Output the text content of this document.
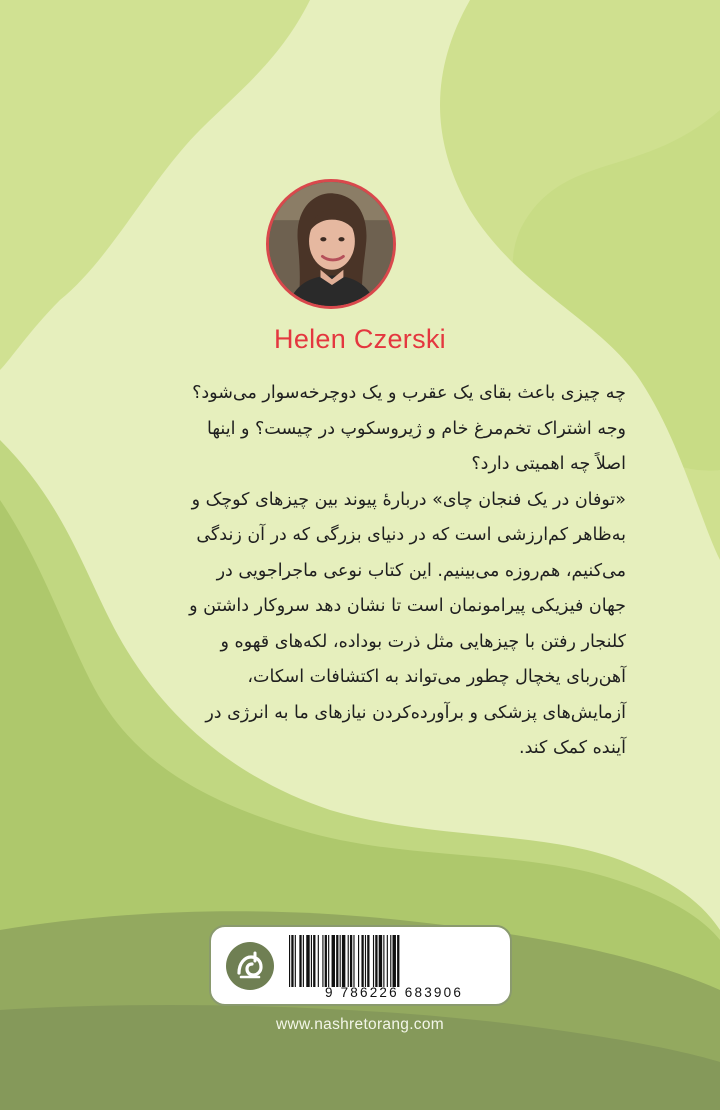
Helen Czerski

چه چیزی باعث بقای یک عقرب و یک دوچرخه‌سوار می‌شود؟

وجه اشتراک تخم‌مرغ خام و ژیروسکوپ در چیست؟ و اینها

اصلاً چه اهمیتی دارد؟

«توفان در یک فنجان چای» دربارهٔ پیوند بین چیزهای کوچک و

به‌ظاهر کم‌ارزشی است که در دنیای بزرگی که در آن زندگی

می‌کنیم، هم‌روزه می‌بینیم. این کتاب نوعی ماجراجویی در

جهان فیزیکی پیرامونمان است تا نشان دهد سروکار داشتن و

کلنجار رفتن با چیزهایی مثل ذرت بوداده، لکه‌های قهوه و

آهن‌ربای یخچال چطور می‌تواند به اکتشافات اسکات،

آزمایش‌های پزشکی و برآورده‌کردن نیازهای ما به انرژی در

آینده کمک کند.

9 786226 683906
www.nashretorang.com
